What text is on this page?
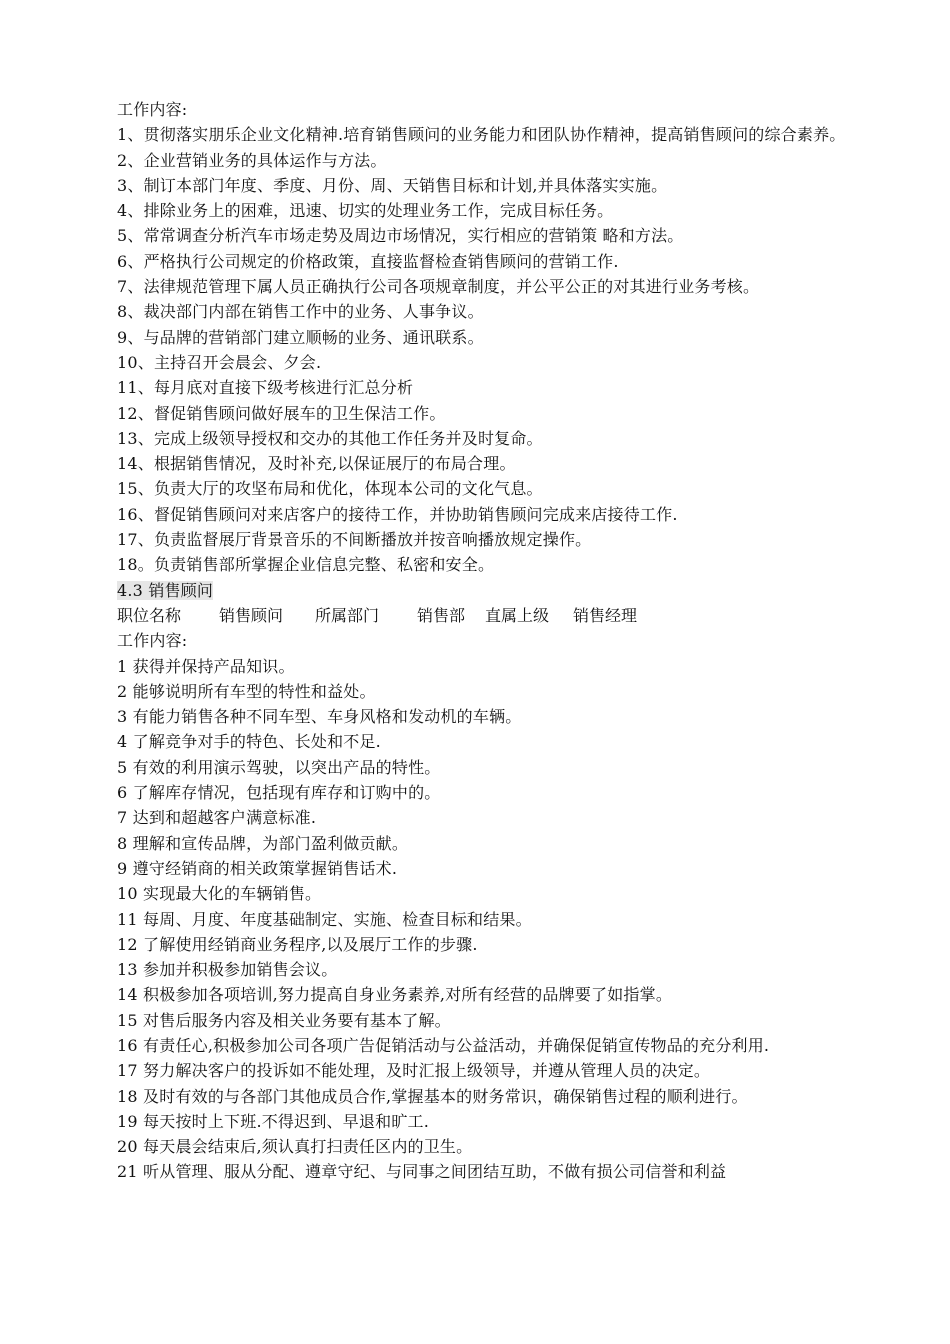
工作内容:
1、贯彻落实朋乐企业文化精神.培育销售顾问的业务能力和团队协作精神，提高销售顾问的综合素养。
2、企业营销业务的具体运作与方法。
3、制订本部门年度、季度、月份、周、天销售目标和计划,并具体落实实施。
4、排除业务上的困难，迅速、切实的处理业务工作，完成目标任务。
5、常常调查分析汽车市场走势及周边市场情况，实行相应的营销策 略和方法。
6、严格执行公司规定的价格政策，直接监督检查销售顾问的营销工作.
7、法律规范管理下属人员正确执行公司各项规章制度，并公平公正的对其进行业务考核。
8、裁决部门内部在销售工作中的业务、人事争议。
9、与品牌的营销部门建立顺畅的业务、通讯联系。
10、主持召开会晨会、夕会.
11、每月底对直接下级考核进行汇总分析
12、督促销售顾问做好展车的卫生保洁工作。
13、完成上级领导授权和交办的其他工作任务并及时复命。
14、根据销售情况，及时补充,以保证展厅的布局合理。
15、负责大厅的攻坚布局和优化，体现本公司的文化气息。
16、督促销售顾问对来店客户的接待工作，并协助销售顾问完成来店接待工作.
17、负责监督展厅背景音乐的不间断播放并按音响播放规定操作。
18。负责销售部所掌握企业信息完整、私密和安全。
4.3 销售顾问
职位名称	销售顾问	所属部门	销售部	直属上级	销售经理
工作内容:
1 获得并保持产品知识。
2 能够说明所有车型的特性和益处。
3 有能力销售各种不同车型、车身风格和发动机的车辆。
4 了解竞争对手的特色、长处和不足.
5 有效的利用演示驾驶，以突出产品的特性。
6 了解库存情况，包括现有库存和订购中的。
7 达到和超越客户满意标准.
8 理解和宣传品牌，为部门盈利做贡献。
9 遵守经销商的相关政策掌握销售话术.
10 实现最大化的车辆销售。
11 每周、月度、年度基础制定、实施、检查目标和结果。
12 了解使用经销商业务程序,以及展厅工作的步骤.
13 参加并积极参加销售会议。
14 积极参加各项培训,努力提高自身业务素养,对所有经营的品牌要了如指掌。
15 对售后服务内容及相关业务要有基本了解。
16 有责任心,积极参加公司各项广告促销活动与公益活动，并确保促销宣传物品的充分利用.
17 努力解决客户的投诉如不能处理，及时汇报上级领导，并遵从管理人员的决定。
18 及时有效的与各部门其他成员合作,掌握基本的财务常识，确保销售过程的顺利进行。
19 每天按时上下班.不得迟到、早退和旷工.
20 每天晨会结束后,须认真打扫责任区内的卫生。
21 听从管理、服从分配、遵章守纪、与同事之间团结互助，不做有损公司信誉和利益
